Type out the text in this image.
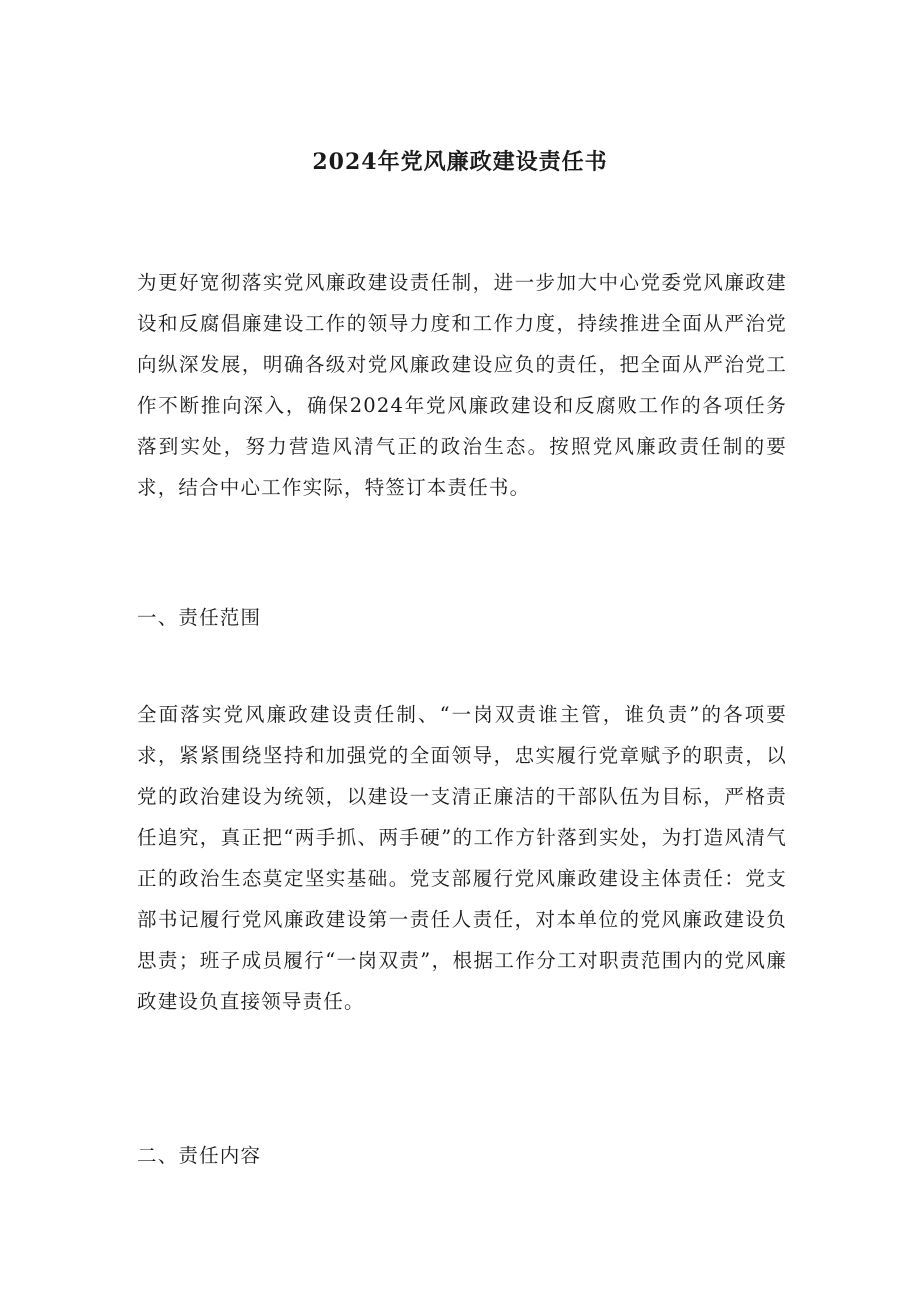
2024年党风廉政建设责任书

为更好宽彻落实党风廉政建设责任制，进一步加大中心党委党风廉政建设和反腐倡廉建设工作的领导力度和工作力度，持续推进全面从严治党向纵深发展，明确各级对党风廉政建设应负的责任，把全面从严治党工作不断推向深入，确保2024年党风廉政建设和反腐败工作的各项任务落到实处，努力营造风清气正的政治生态。按照党风廉政责任制的要求，结合中心工作实际，特签订本责任书。

一、责任范围

全面落实党风廉政建设责任制、“一岗双责谁主管，谁负责”的各项要求，紧紧围绕坚持和加强党的全面领导，忠实履行党章赋予的职责，以党的政治建设为统领，以建设一支清正廉洁的干部队伍为目标，严格责任追究，真正把“两手抓、两手硬”的工作方针落到实处，为打造风清气正的政治生态莫定坚实基础。党支部履行党风廉政建设主体责任：党支部书记履行党风廉政建设第一责任人责任，对本单位的党风廉政建设负思责；班子成员履行“一岗双责”，根据工作分工对职责范围内的党风廉政建设负直接领导责任。

二、责任内容
